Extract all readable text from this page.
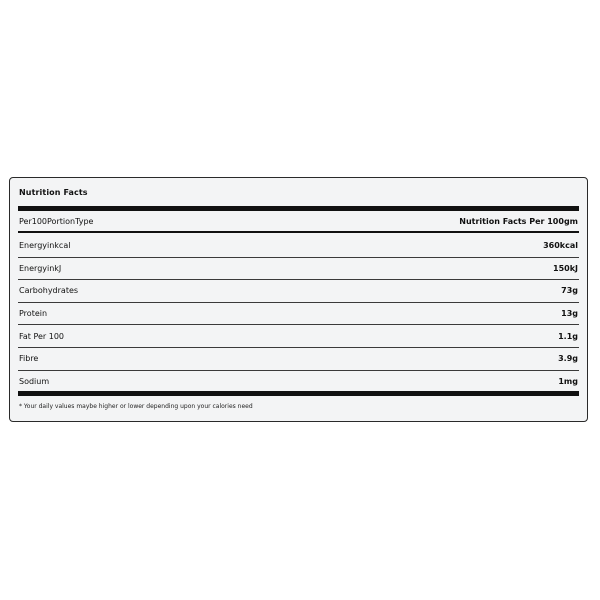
Nutrition Facts
Per100PortionType	Nutrition Facts Per 100gm
Energyinkcal	360kcal
EnergyinkJ	150kJ
Carbohydrates	73g
Protein	13g
Fat Per 100	1.1g
Fibre	3.9g
Sodium	1mg
* Your daily values maybe higher or lower depending upon your calories need
